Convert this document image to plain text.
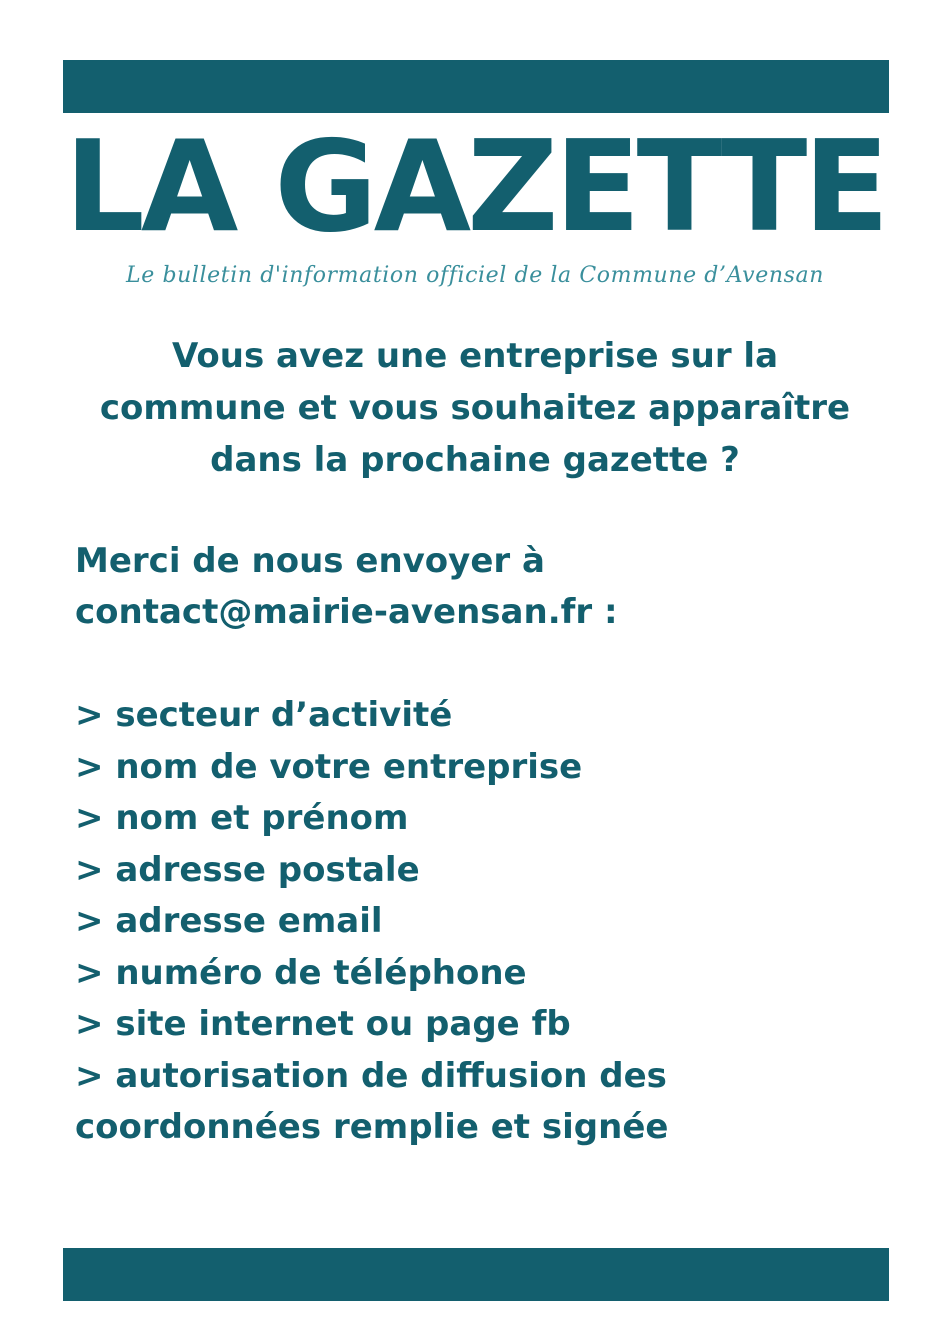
LA GAZETTE
Le bulletin d'information officiel de la Commune d’Avensan
Vous avez une entreprise sur la
commune et vous souhaitez apparaître
dans la prochaine gazette ?
Merci de nous envoyer à
contact@mairie-avensan.fr :
> secteur d’activité
> nom de votre entreprise
> nom et prénom
> adresse postale
> adresse email
> numéro de téléphone
> site internet ou page fb
> autorisation de diffusion des
coordonnées remplie et signée
